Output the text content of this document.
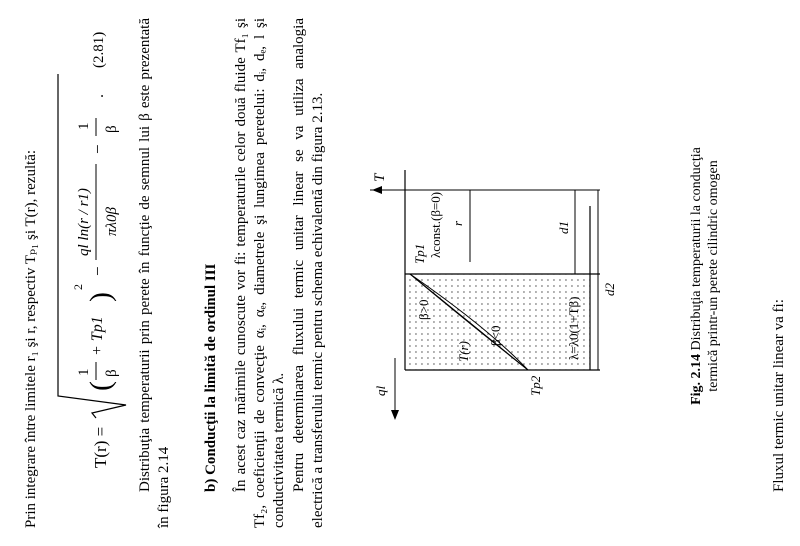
Prin integrare între limitele r₁ şi r, respectiv Tₚ₁ şi T(r), rezultă:	T(r) =
(
1 β
+ Tp1
)
2
−
ql ln(r / r1) πλ0β
−
1 β
.
(2.81) Distribuţia temperaturii prin perete în funcţie de semnul lui β este prezentată în figura 2.14 b) Conducţii la limită de ordinul III În acest caz mărimile cunoscute vor fi: temperaturile celor două fluide Tf₁ şi Tf₂, coeficienţii de convecţie αᵢ, αₑ, diametrele şi lungimea peretelui: dᵢ, dₑ, l şi conductivitatea termică λ. Pentru determinarea fluxului termic unitar linear se va utiliza analogia electrică a transferului termic pentru schema echivalentă din figura 2.13.	T
Tp1
Tp2
T(r)
λconst.(β=0)
β>0
β<0	λ=λ0(1+Tβ)
r	d1
d2
ql	Fig. 2.14 Distribuţia temperaturii la conducţia termică printr-un perete cilindric omogen
Fluxul termic unitar linear va fi:
